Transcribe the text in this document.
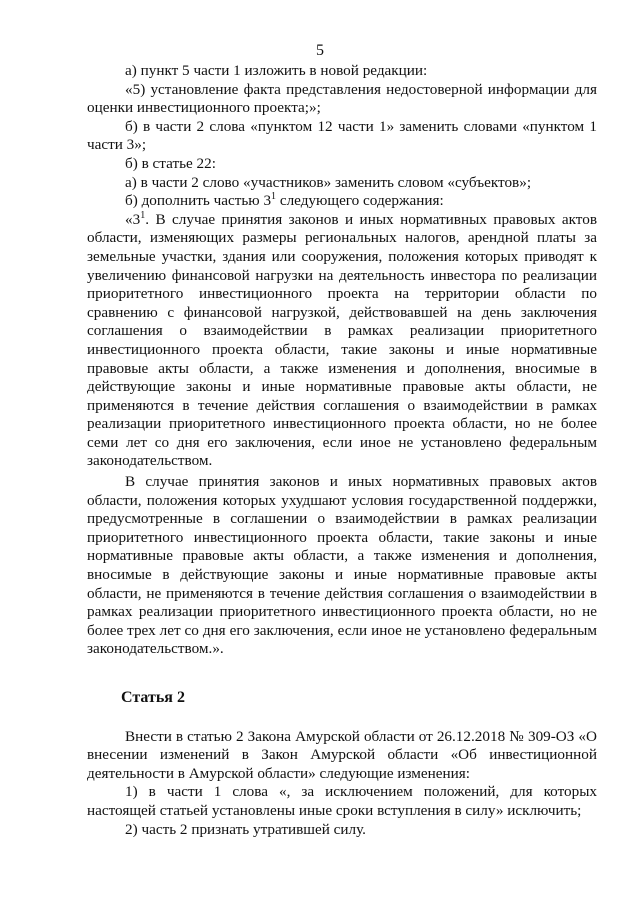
5

а) пункт 5 части 1 изложить в новой редакции:

«5) установление факта представления недостоверной информации для оценки инвестиционного проекта;»;

б) в части 2 слова «пунктом 12 части 1» заменить словами «пунктом 1 части 3»;

б) в статье 22:

а) в части 2 слово «участников» заменить словом «субъектов»;

б) дополнить частью $3^1$ следующего содержания:

«$3^1$. В случае принятия законов и иных нормативных правовых актов области, изменяющих размеры региональных налогов, арендной платы за земельные участки, здания или сооружения, положения которых приводят к увеличению финансовой нагрузки на деятельность инвестора по реализации приоритетного инвестиционного проекта на территории области по сравнению с финансовой нагрузкой, действовавшей на день заключения соглашения о взаимодействии в рамках реализации приоритетного инвестиционного проекта области, такие законы и иные нормативные правовые акты области, а также изменения и дополнения, вносимые в действующие законы и иные нормативные правовые акты области, не применяются в течение действия соглашения о взаимодействии в рамках реализации приоритетного инвестиционного проекта области, но не более семи лет со дня его заключения, если иное не установлено федеральным законодательством.

В случае принятия законов и иных нормативных правовых актов области, положения которых ухудшают условия государственной поддержки, предусмотренные в соглашении о взаимодействии в рамках реализации приоритетного инвестиционного проекта области, такие законы и иные нормативные правовые акты области, а также изменения и дополнения, вносимые в действующие законы и иные нормативные правовые акты области, не применяются в течение действия соглашения о взаимодействии в рамках реализации приоритетного инвестиционного проекта области, но не более трех лет со дня его заключения, если иное не установлено федеральным законодательством.».

Статья 2

Внести в статью 2 Закона Амурской области от 26.12.2018 № 309-ОЗ «О внесении изменений в Закон Амурской области «Об инвестиционной деятельности в Амурской области» следующие изменения:

1) в части 1 слова «, за исключением положений, для которых настоящей статьей установлены иные сроки вступления в силу» исключить;

2) часть 2 признать утратившей силу.
